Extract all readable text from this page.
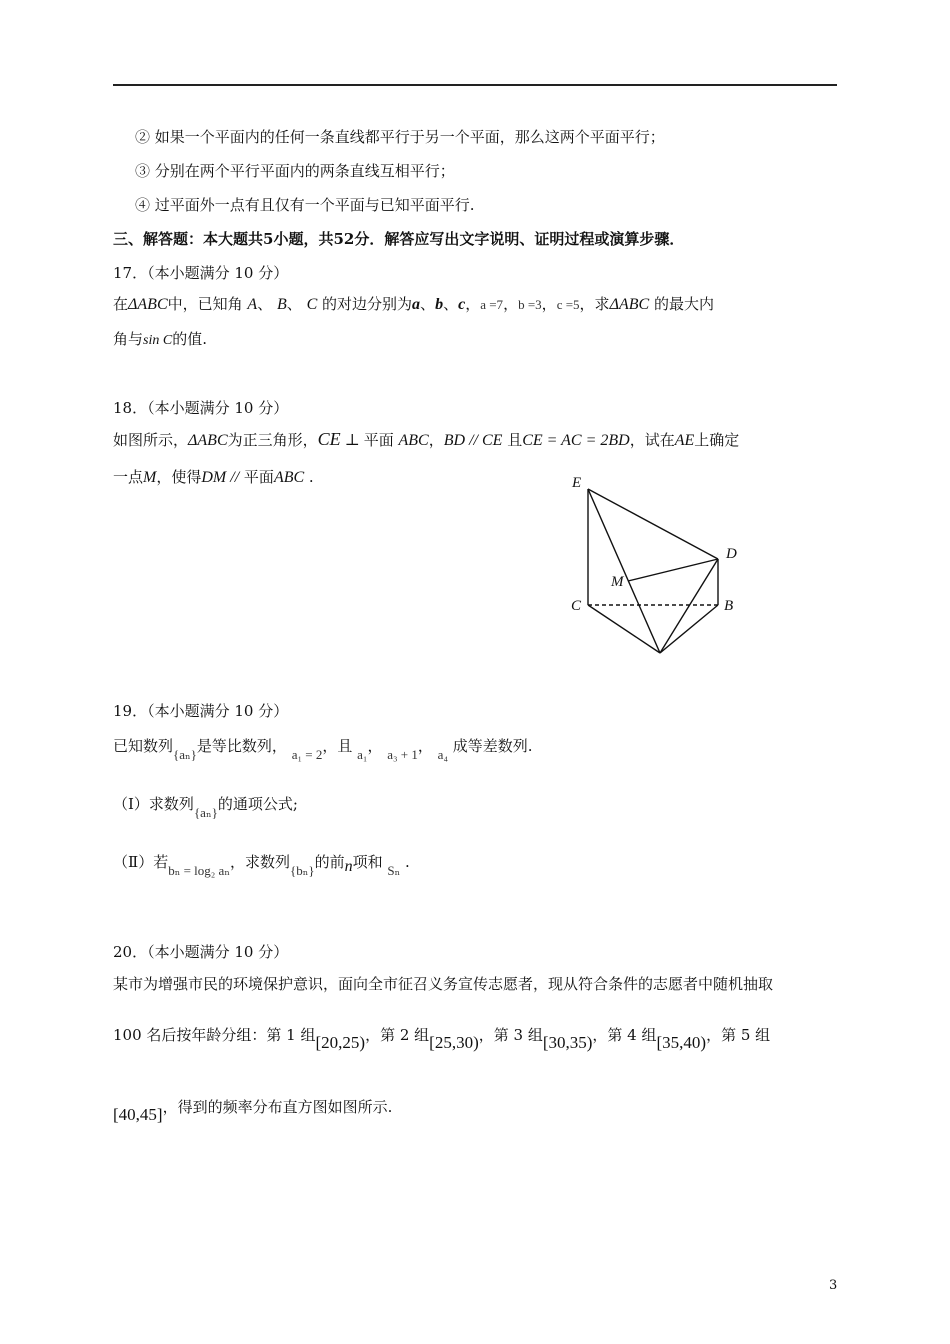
② 如果一个平面内的任何一条直线都平行于另一个平面，那么这两个平面平行；
③ 分别在两个平行平面内的两条直线互相平行；
④ 过平面外一点有且仅有一个平面与已知平面平行.
三、解答题：本大题共5小题，共52分．解答应写出文字说明、证明过程或演算步骤．
17．（本小题满分 10 分）
在ΔABC中，已知角 A、 B、 C 的对边分别为a、b、c，a =7，b =3，c =5，求ΔABC 的最大内
角与sin C的值.
18．（本小题满分 10 分）
如图所示，ΔABC为正三角形，CE ⊥ 平面 ABC，BD // CE 且CE = AC = 2BD，试在AE上确定
一点M，使得DM // 平面ABC .	E
D
M
C	B
19．（本小题满分 10 分）
已知数列{aₙ}是等比数列， a₁ = 2，且 a₁， a₃ + 1， a₄ 成等差数列.
（Ⅰ）求数列{aₙ}的通项公式;
（Ⅱ）若bₙ = log₂ aₙ，求数列{bₙ}的前n项和 Sₙ .
20．（本小题满分 10 分）
某市为增强市民的环境保护意识，面向全市征召义务宣传志愿者，现从符合条件的志愿者中随机抽取
100 名后按年龄分组：第 1 组[20,25)，第 2 组[25,30)，第 3 组[30,35)，第 4 组[35,40)，第 5 组
[40,45]，得到的频率分布直方图如图所示.
3
